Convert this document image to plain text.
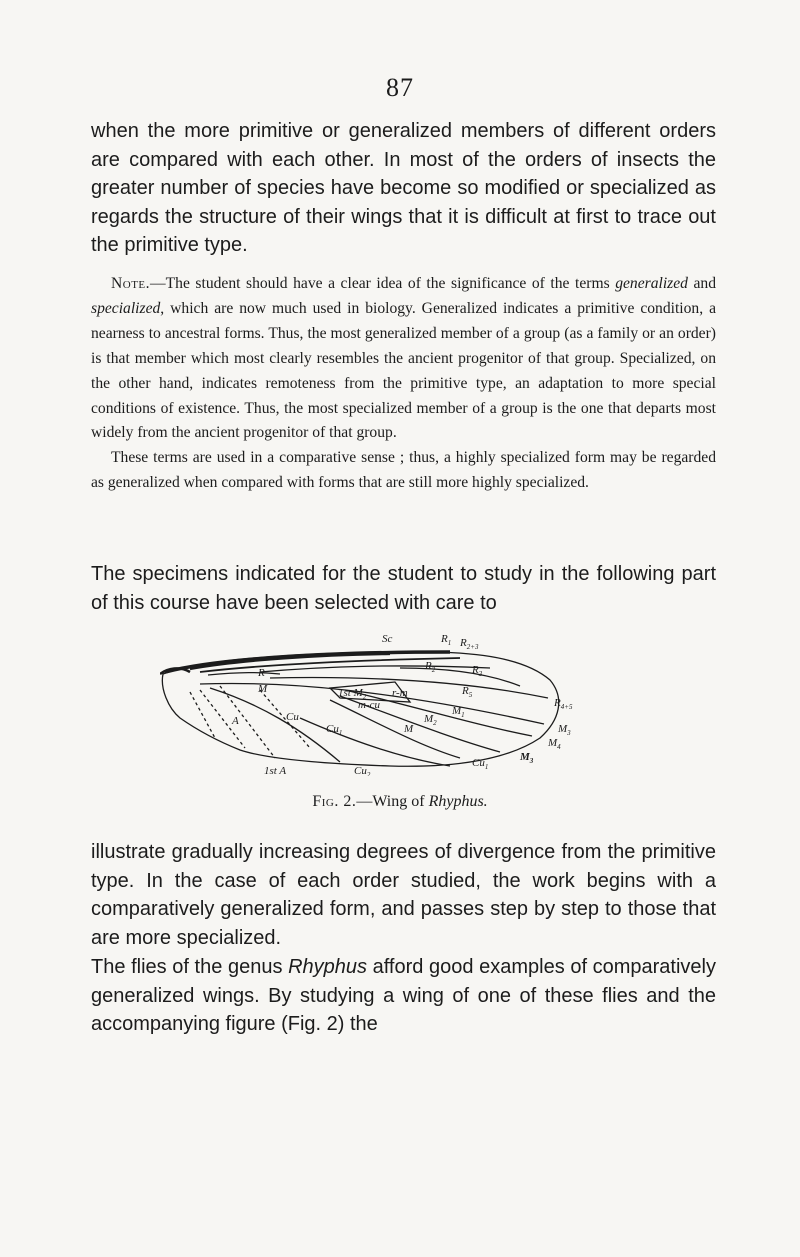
87

when the more primitive or generalized members of different orders are compared with each other. In most of the orders of insects the greater number of species have become so modified or specialized as regards the structure of their wings that it is difficult at first to trace out the primitive type.

Note.—The student should have a clear idea of the significance of the terms generalized and specialized, which are now much used in biology. Generalized indicates a primitive condition, a nearness to ancestral forms. Thus, the most generalized member of a group (as a family or an order) is that member which most clearly resembles the ancient progenitor of that group. Specialized, on the other hand, indicates remoteness from the primitive type, an adaptation to more special conditions of existence. Thus, the most specialized member of a group is the one that departs most widely from the ancient progenitor of that group.

These terms are used in a comparative sense ; thus, a highly specialized form may be regarded as generalized when compared with forms that are still more highly specialized.

The specimens indicated for the student to study in the following part of this course have been selected with care to

Sc	$R_1$ $R_{2+3}$
R
$R_2$	$R_3$
$R_{4+5}$
$R_5$
M	1st $M_2$ r-m
m-cu	$M_1$
$M_2$	$M_3$
$M_4$
M
A	Cu
$Cu_1$
$M_3$
1st A	$Cu_2$
$Cu_1$
Fig. 2.—Wing of Rhyphus.

illustrate gradually increasing degrees of divergence from the primitive type. In the case of each order studied, the work begins with a comparatively generalized form, and passes step by step to those that are more specialized.

The flies of the genus Rhyphus afford good examples of comparatively generalized wings. By studying a wing of one of these flies and the accompanying figure (Fig. 2) the
